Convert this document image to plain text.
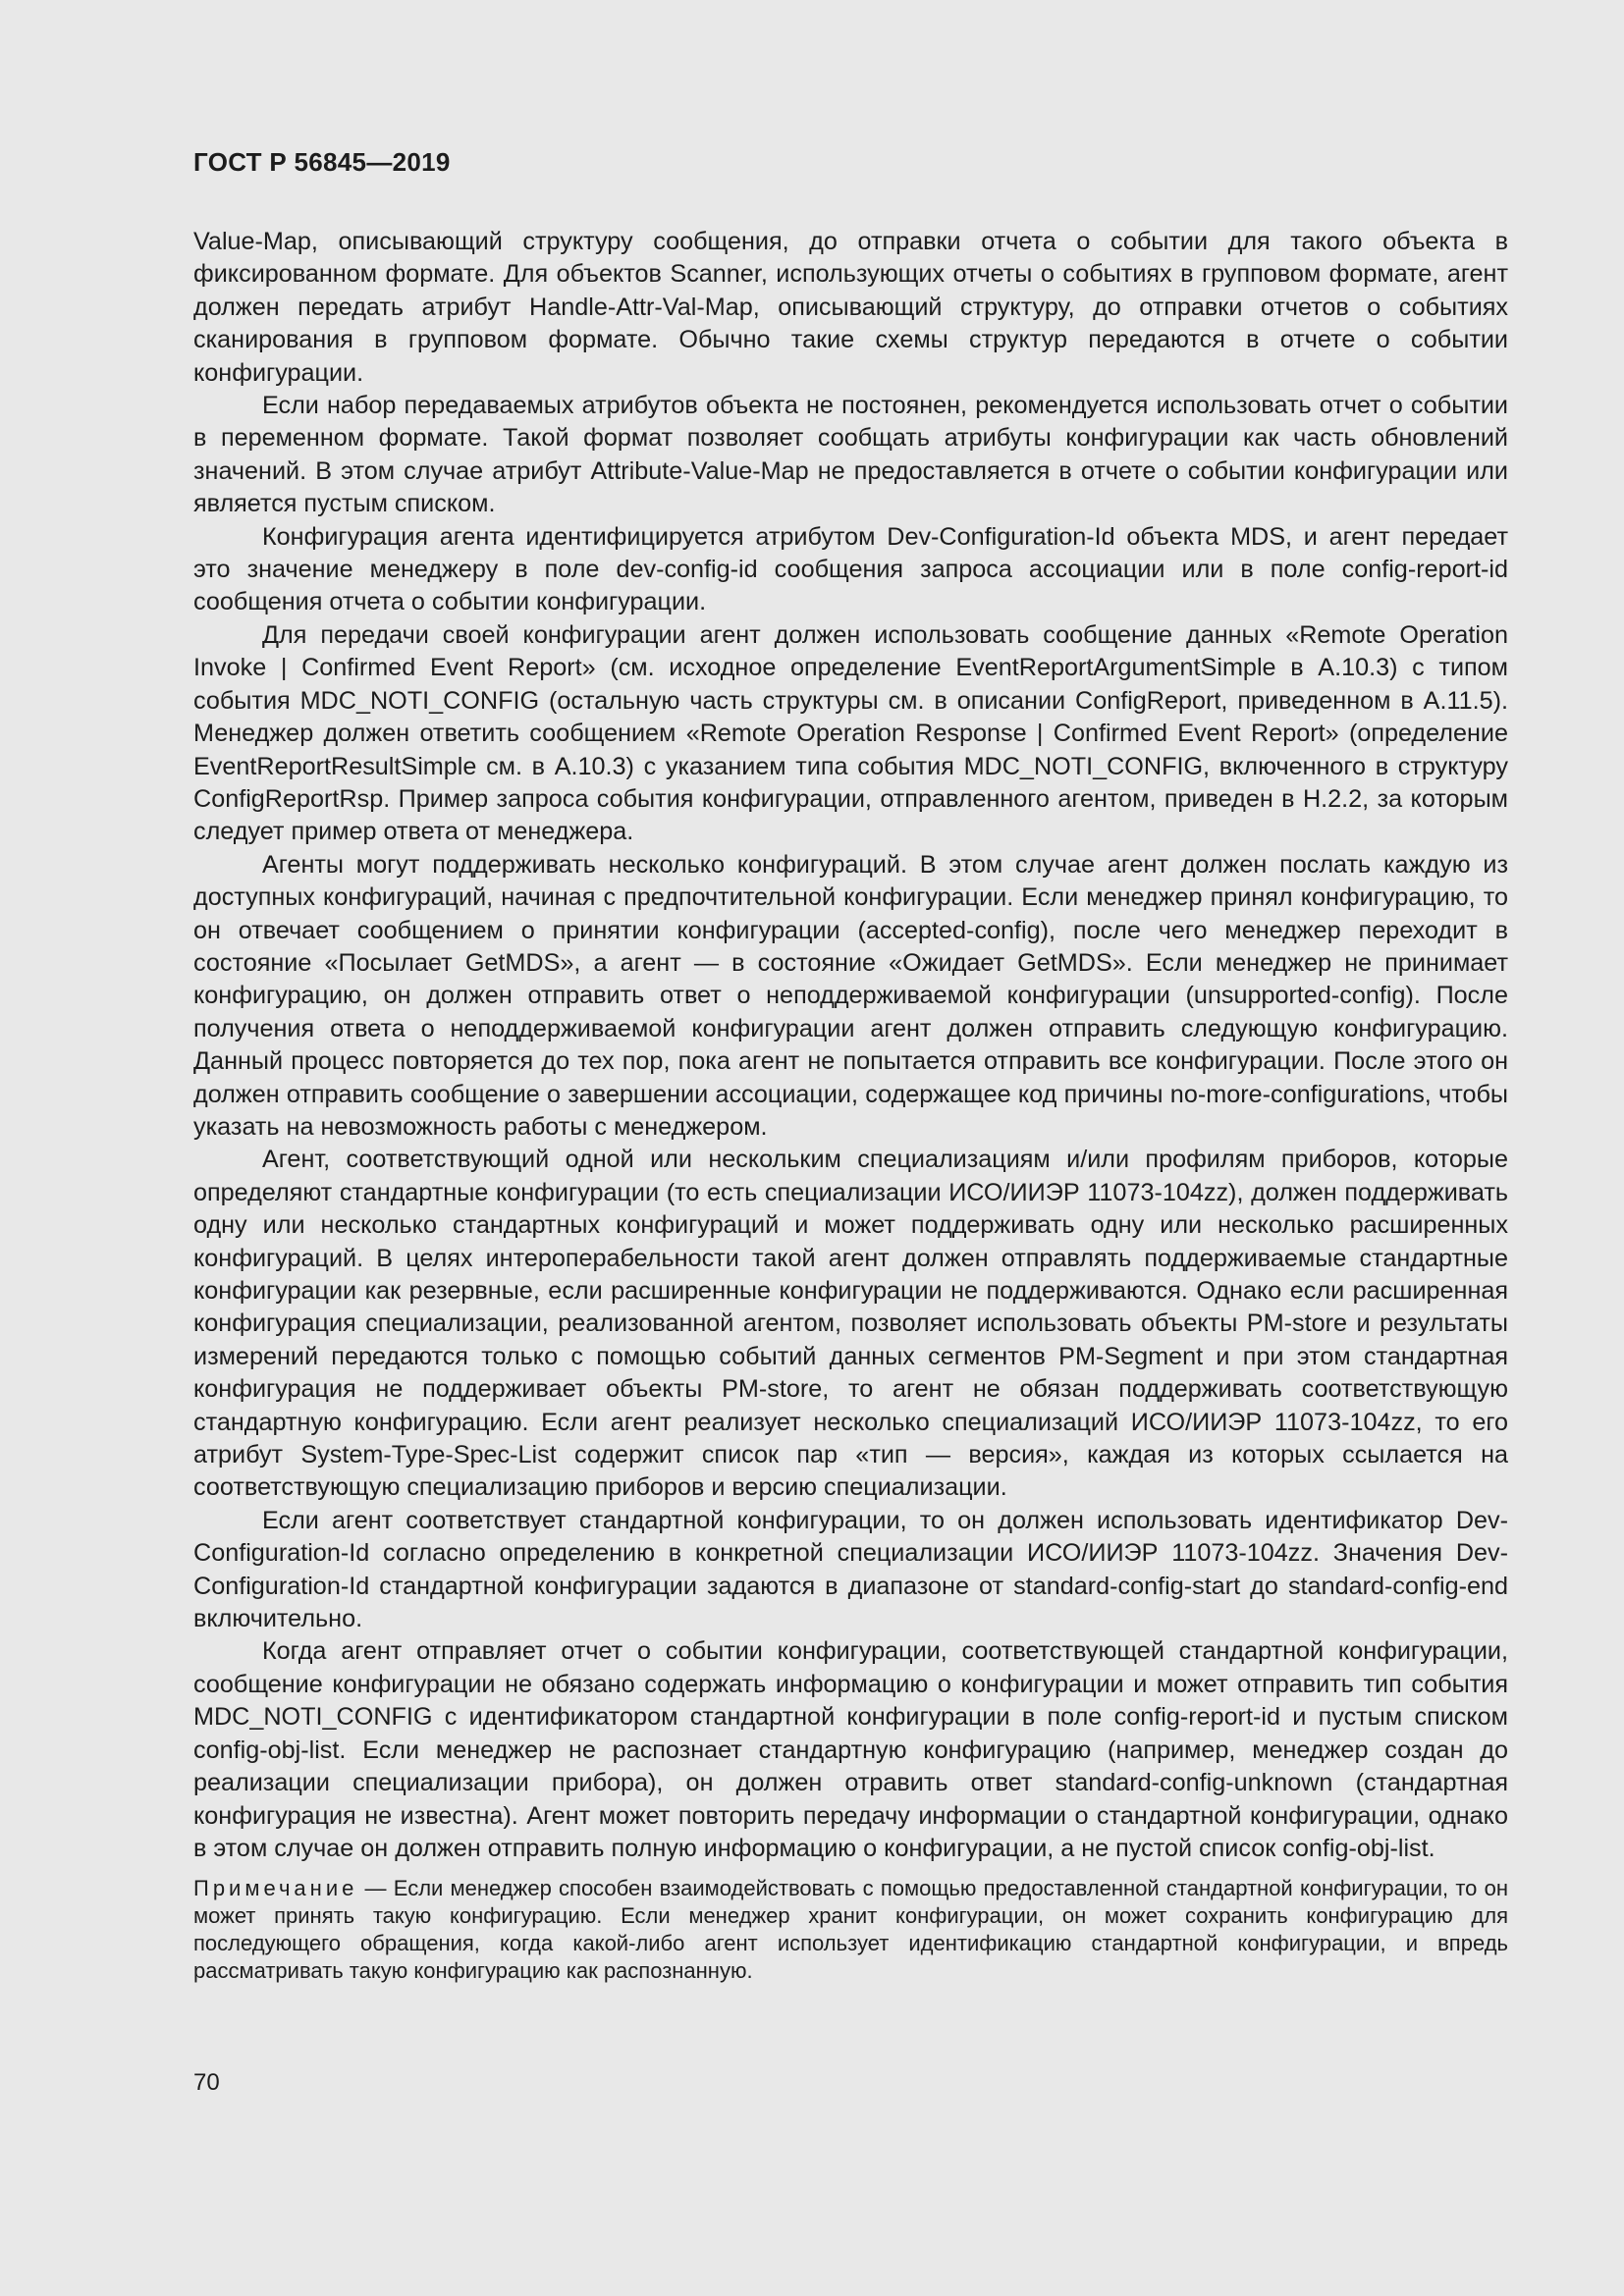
ГОСТ Р 56845—2019

Value-Map, описывающий структуру сообщения, до отправки отчета о событии для такого объекта в фиксированном формате. Для объектов Scanner, использующих отчеты о событиях в групповом формате, агент должен передать атрибут Handle-Attr-Val-Map, описывающий структуру, до отправки отчетов о событиях сканирования в групповом формате. Обычно такие схемы структур передаются в отчете о событии конфигурации.

Если набор передаваемых атрибутов объекта не постоянен, рекомендуется использовать отчет о событии в переменном формате. Такой формат позволяет сообщать атрибуты конфигурации как часть обновлений значений. В этом случае атрибут Attribute-Value-Map не предоставляется в отчете о событии конфигурации или является пустым списком.

Конфигурация агента идентифицируется атрибутом Dev-Configuration-Id объекта MDS, и агент передает это значение менеджеру в поле dev-config-id сообщения запроса ассоциации или в поле config-report-id сообщения отчета о событии конфигурации.

Для передачи своей конфигурации агент должен использовать сообщение данных «Remote Operation Invoke | Confirmed Event Report» (см. исходное определение EventReportArgumentSimple в А.10.3) с типом события MDC_NOTI_CONFIG (остальную часть структуры см. в описании ConfigReport, приведенном в А.11.5). Менеджер должен ответить сообщением «Remote Operation Response | Confirmed Event Report» (определение EventReportResultSimple см. в А.10.3) с указанием типа события MDC_NOTI_CONFIG, включенного в структуру ConfigReportRsp. Пример запроса события конфигурации, отправленного агентом, приведен в Н.2.2, за которым следует пример ответа от менеджера.

Агенты могут поддерживать несколько конфигураций. В этом случае агент должен послать каждую из доступных конфигураций, начиная с предпочтительной конфигурации. Если менеджер принял конфигурацию, то он отвечает сообщением о принятии конфигурации (accepted-config), после чего менеджер переходит в состояние «Посылает GetMDS», а агент — в состояние «Ожидает GetMDS». Если менеджер не принимает конфигурацию, он должен отправить ответ о неподдерживаемой конфигурации (unsupported-config). После получения ответа о неподдерживаемой конфигурации агент должен отправить следующую конфигурацию. Данный процесс повторяется до тех пор, пока агент не попытается отправить все конфигурации. После этого он должен отправить сообщение о завершении ассоциации, содержащее код причины no-more-configurations, чтобы указать на невозможность работы с менеджером.

Агент, соответствующий одной или нескольким специализациям и/или профилям приборов, которые определяют стандартные конфигурации (то есть специализации ИСО/ИИЭР 11073-104zz), должен поддерживать одну или несколько стандартных конфигураций и может поддерживать одну или несколько расширенных конфигураций. В целях интероперабельности такой агент должен отправлять поддерживаемые стандартные конфигурации как резервные, если расширенные конфигурации не поддерживаются. Однако если расширенная конфигурация специализации, реализованной агентом, позволяет использовать объекты PM-store и результаты измерений передаются только с помощью событий данных сегментов PM-Segment и при этом стандартная конфигурация не поддерживает объекты PM-store, то агент не обязан поддерживать соответствующую стандартную конфигурацию. Если агент реализует несколько специализаций ИСО/ИИЭР 11073-104zz, то его атрибут System-Type-Spec-List содержит список пар «тип — версия», каждая из которых ссылается на соответствующую специализацию приборов и версию специализации.

Если агент соответствует стандартной конфигурации, то он должен использовать идентификатор Dev-Configuration-Id согласно определению в конкретной специализации ИСО/ИИЭР 11073-104zz. Значения Dev-Configuration-Id стандартной конфигурации задаются в диапазоне от standard-config-start до standard-config-end включительно.

Когда агент отправляет отчет о событии конфигурации, соответствующей стандартной конфигурации, сообщение конфигурации не обязано содержать информацию о конфигурации и может отправить тип события MDC_NOTI_CONFIG с идентификатором стандартной конфигурации в поле config-report-id и пустым списком config-obj-list. Если менеджер не распознает стандартную конфигурацию (например, менеджер создан до реализации специализации прибора), он должен отравить ответ standard-config-unknown (стандартная конфигурация не известна). Агент может повторить передачу информации о стандартной конфигурации, однако в этом случае он должен отправить полную информацию о конфигурации, а не пустой список config-obj-list.

Примечание — Если менеджер способен взаимодействовать с помощью предоставленной стандартной конфигурации, то он может принять такую конфигурацию. Если менеджер хранит конфигурации, он может сохранить конфигурацию для последующего обращения, когда какой-либо агент использует идентификацию стандартной конфигурации, и впредь рассматривать такую конфигурацию как распознанную.

70
